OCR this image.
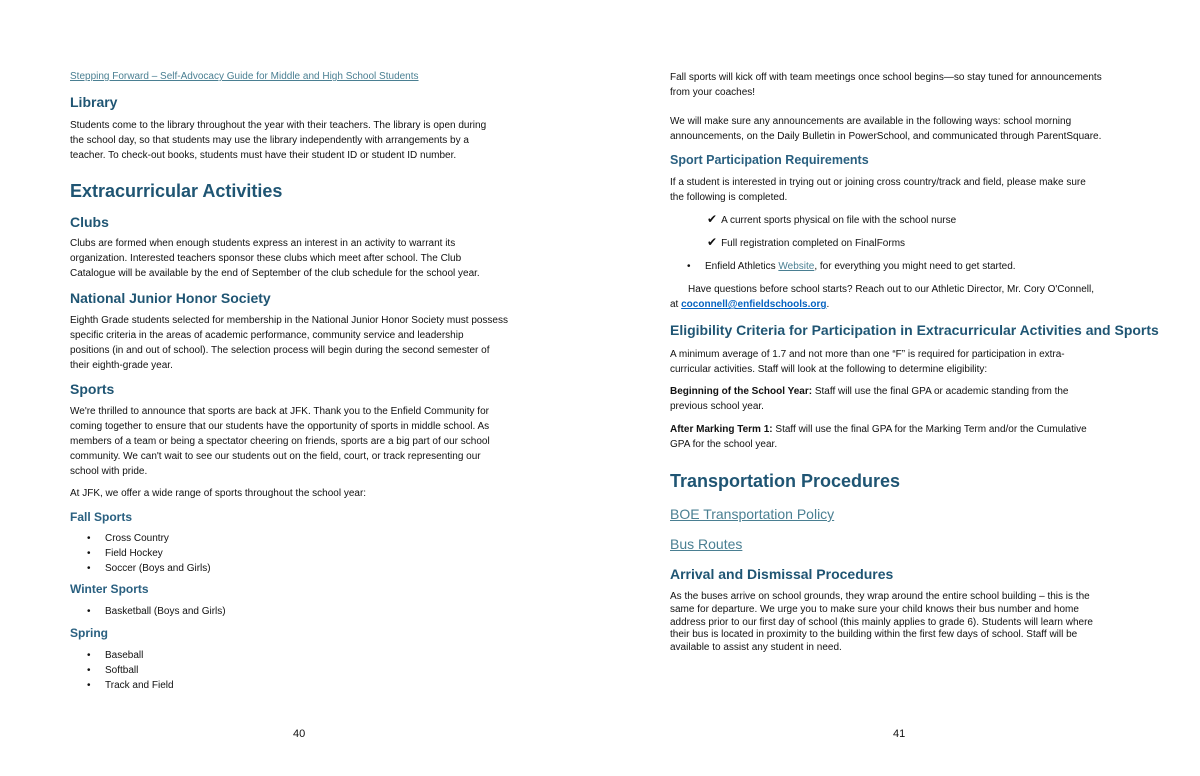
Stepping Forward – Self-Advocacy Guide for Middle and High School Students
Library
Students come to the library throughout the year with their teachers. The library is open during
the school day, so that students may use the library independently with arrangements by a
teacher. To check-out books, students must have their student ID or student ID number.
Extracurricular Activities
Clubs
Clubs are formed when enough students express an interest in an activity to warrant its
organization. Interested teachers sponsor these clubs which meet after school. The Club
Catalogue will be available by the end of September of the club schedule for the school year.
National Junior Honor Society
Eighth Grade students selected for membership in the National Junior Honor Society must possess
specific criteria in the areas of academic performance, community service and leadership
positions (in and out of school). The selection process will begin during the second semester of
their eighth-grade year.
Sports
We're thrilled to announce that sports are back at JFK. Thank you to the Enfield Community for
coming together to ensure that our students have the opportunity of sports in middle school. As
members of a team or being a spectator cheering on friends, sports are a big part of our school
community. We can't wait to see our students out on the field, court, or track representing our
school with pride.
At JFK, we offer a wide range of sports throughout the school year:
Fall Sports
• Cross Country
• Field Hockey
• Soccer (Boys and Girls)
Winter Sports
• Basketball (Boys and Girls)
Spring
• Baseball
• Softball
• Track and Field
40
Fall sports will kick off with team meetings once school begins—so stay tuned for announcements
from your coaches!
We will make sure any announcements are available in the following ways: school morning
announcements, on the Daily Bulletin in PowerSchool, and communicated through ParentSquare.
Sport Participation Requirements
If a student is interested in trying out or joining cross country/track and field, please make sure
the following is completed.
✔ A current sports physical on file with the school nurse
✔ Full registration completed on FinalForms
• Enfield Athletics Website, for everything you might need to get started.
Have questions before school starts? Reach out to our Athletic Director, Mr. Cory O'Connell,
at coconnell@enfieldschools.org.
Eligibility Criteria for Participation in Extracurricular Activities and Sports
A minimum average of 1.7 and not more than one “F” is required for participation in extra-
curricular activities. Staff will look at the following to determine eligibility:
Beginning of the School Year: Staff will use the final GPA or academic standing from the
previous school year.
After Marking Term 1: Staff will use the final GPA for the Marking Term and/or the Cumulative
GPA for the school year.
Transportation Procedures
BOE Transportation Policy
Bus Routes
Arrival and Dismissal Procedures
As the buses arrive on school grounds, they wrap around the entire school building – this is the
same for departure. We urge you to make sure your child knows their bus number and home
address prior to our first day of school (this mainly applies to grade 6). Students will learn where
their bus is located in proximity to the building within the first few days of school. Staff will be
available to assist any student in need.
41
